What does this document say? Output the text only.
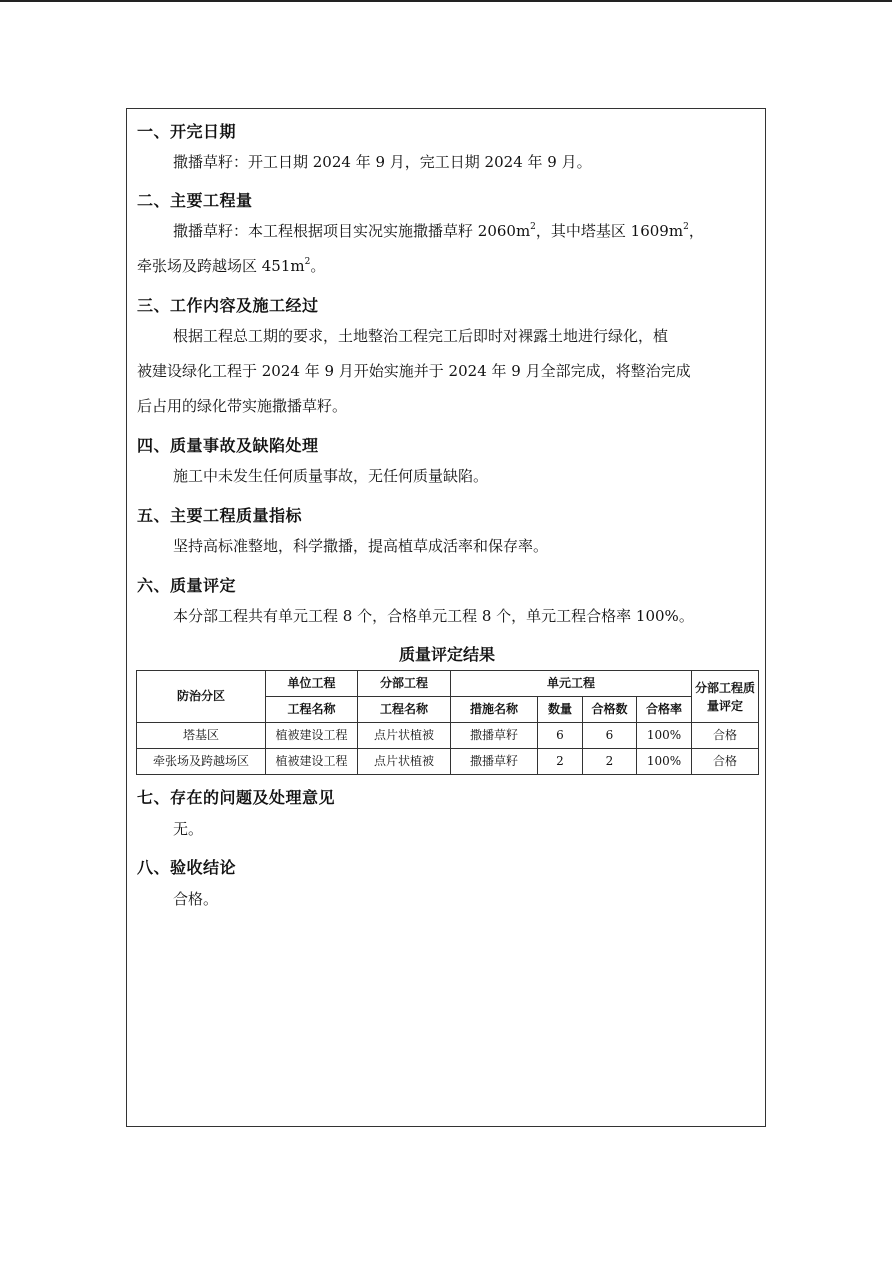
一、开完日期
撒播草籽：开工日期 2024 年 9 月，完工日期 2024 年 9 月。
二、主要工程量
撒播草籽：本工程根据项目实况实施撒播草籽 $2060m^2$，其中塔基区 $1609m^2$，
牵张场及跨越场区 $451m^2$。
三、工作内容及施工经过
根据工程总工期的要求，土地整治工程完工后即时对裸露土地进行绿化，植
被建设绿化工程于 2024 年 9 月开始实施并于 2024 年 9 月全部完成，将整治完成
后占用的绿化带实施撒播草籽。
四、质量事故及缺陷处理
施工中未发生任何质量事故，无任何质量缺陷。
五、主要工程质量指标
坚持高标准整地，科学撒播，提高植草成活率和保存率。
六、质量评定
本分部工程共有单元工程 8 个，合格单元工程 8 个，单元工程合格率 100%。
质量评定结果
防治分区	单位工程	分部工程	单元工程				分部工程质量评定
	工程名称	工程名称	措施名称	数量	合格数	合格率	
塔基区	植被建设工程	点片状植被	撒播草籽	6	6	100%	合格
牵张场及跨越场区	植被建设工程	点片状植被	撒播草籽	2	2	100%	合格
七、存在的问题及处理意见
无。
八、验收结论
合格。
